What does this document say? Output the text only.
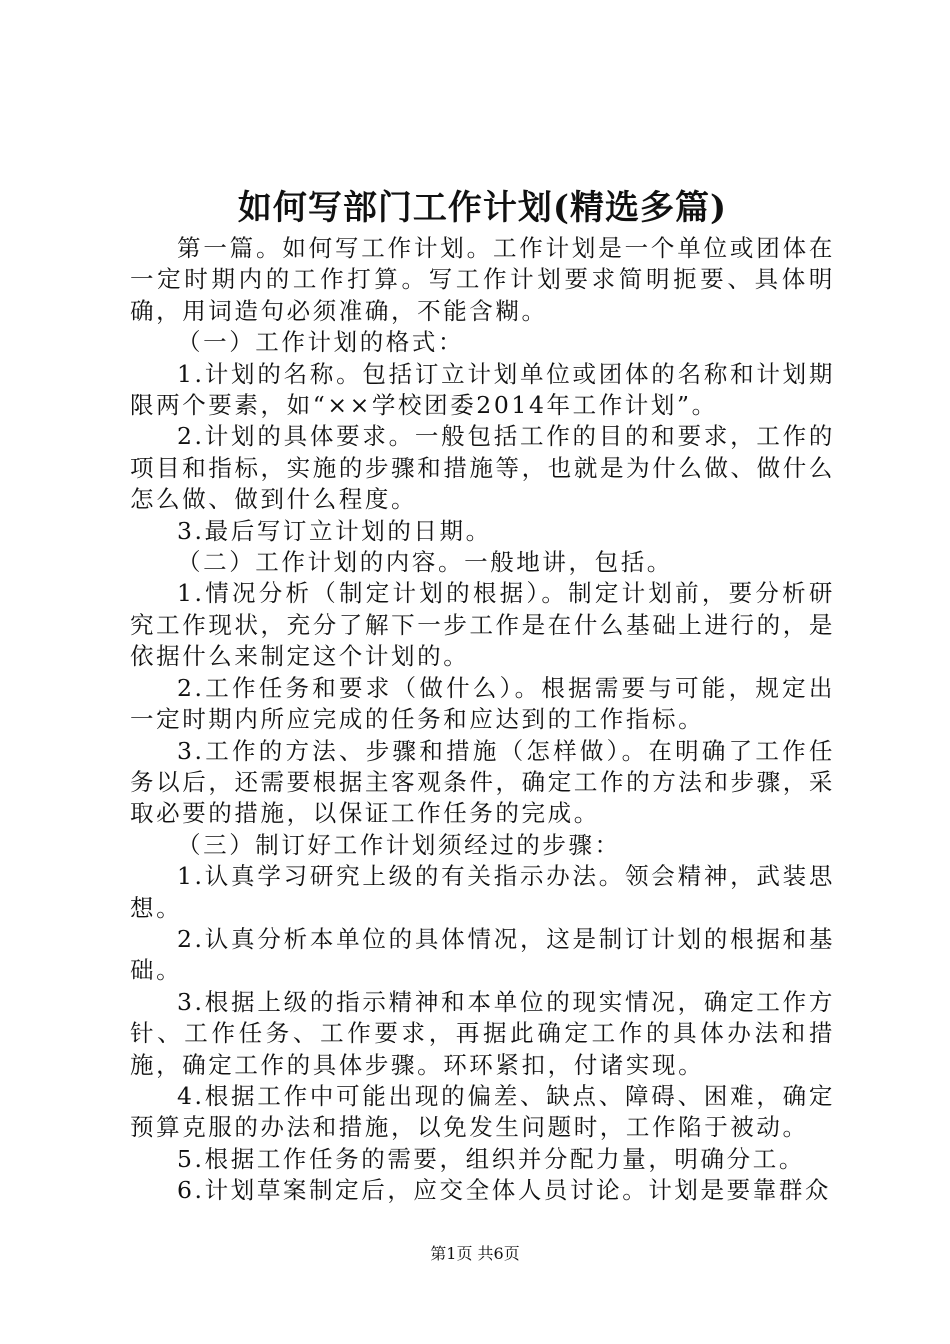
如何写部门工作计划(精选多篇)

第一篇。如何写工作计划。工作计划是一个单位或团体在一定时期内的工作打算。写工作计划要求简明扼要、具体明确，用词造句必须准确，不能含糊。

（一）工作计划的格式：

1.计划的名称。包括订立计划单位或团体的名称和计划期限两个要素，如“××学校团委2014年工作计划”。

2.计划的具体要求。一般包括工作的目的和要求，工作的项目和指标，实施的步骤和措施等，也就是为什么做、做什么怎么做、做到什么程度。

3.最后写订立计划的日期。

（二）工作计划的内容。一般地讲，包括。

1.情况分析（制定计划的根据）。制定计划前，要分析研究工作现状，充分了解下一步工作是在什么基础上进行的，是依据什么来制定这个计划的。

2.工作任务和要求（做什么）。根据需要与可能，规定出一定时期内所应完成的任务和应达到的工作指标。

3.工作的方法、步骤和措施（怎样做）。在明确了工作任务以后，还需要根据主客观条件，确定工作的方法和步骤，采取必要的措施，以保证工作任务的完成。

（三）制订好工作计划须经过的步骤：

1.认真学习研究上级的有关指示办法。领会精神，武装思想。

2.认真分析本单位的具体情况，这是制订计划的根据和基础。

3.根据上级的指示精神和本单位的现实情况，确定工作方针、工作任务、工作要求，再据此确定工作的具体办法和措施，确定工作的具体步骤。环环紧扣，付诸实现。

4.根据工作中可能出现的偏差、缺点、障碍、困难，确定预算克服的办法和措施，以免发生问题时，工作陷于被动。

5.根据工作任务的需要，组织并分配力量，明确分工。

6.计划草案制定后，应交全体人员讨论。计划是要靠群众

第1页 共6页
